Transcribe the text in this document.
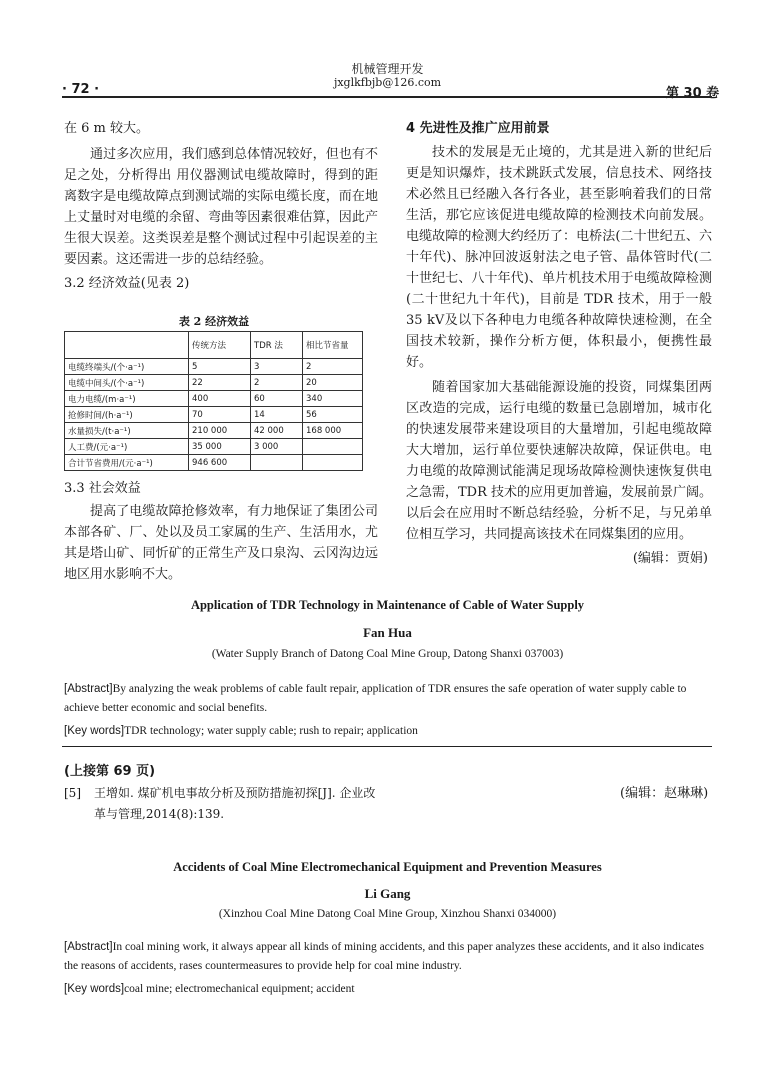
机械管理开发
jxglkfbjb@126.com
· 72 ·	第 30 卷

在 6 m 较大。

通过多次应用，我们感到总体情况较好，但也有不足之处，分析得出 用仪器测试电缆故障时，得到的距离数字是电缆故障点到测试端的实际电缆长度，而在地上丈量时对电缆的余留、弯曲等因素很难估算，因此产生很大误差。这类误差是整个测试过程中引起误差的主要因素。这还需进一步的总结经验。

3.2 经济效益(见表 2)

表 2 经济效益
	传统方法	TDR 法	相比节省量
电缆终端头/(个·a⁻¹)	5	3	2
电缆中间头/(个·a⁻¹)	22	2	20
电力电缆/(m·a⁻¹)	400	60	340
抢修时间/(h·a⁻¹)	70	14	56
水量损失/(t·a⁻¹)	210 000	42 000	168 000
人工费/(元·a⁻¹)	35 000	3 000	
合计节省费用/(元·a⁻¹)	946 600		

3.3 社会效益

提高了电缆故障抢修效率，有力地保证了集团公司本部各矿、厂、处以及员工家属的生产、生活用水，尤其是塔山矿、同忻矿的正常生产及口泉沟、云冈沟边远地区用水影响不大。

4 先进性及推广应用前景

技术的发展是无止境的，尤其是进入新的世纪后更是知识爆炸，技术跳跃式发展，信息技术、网络技术必然且已经融入各行各业，甚至影响着我们的日常生活，那它应该促进电缆故障的检测技术向前发展。电缆故障的检测大约经历了：电桥法(二十世纪五、六十年代)、脉冲回波返射法之电子管、晶体管时代(二十世纪七、八十年代)、单片机技术用于电缆故障检测(二十世纪九十年代)，目前是 TDR 技术，用于一般 35 kV及以下各种电力电缆各种故障快速检测，在全国技术较新，操作分析方便，体积最小，便携性最好。

随着国家加大基础能源设施的投资，同煤集团两区改造的完成，运行电缆的数量已急剧增加，城市化的快速发展带来建设项目的大量增加，引起电缆故障大大增加，运行单位要快速解决故障，保证供电。电力电缆的故障测试能满足现场故障检测快速恢复供电之急需，TDR 技术的应用更加普遍，发展前景广阔。以后会在应用时不断总结经验，分析不足，与兄弟单位相互学习，共同提高该技术在同煤集团的应用。

(编辑：贾娟)

Application of TDR Technology in Maintenance of Cable of Water Supply
Fan Hua
(Water Supply Branch of Datong Coal Mine Group, Datong Shanxi 037003)
[Abstract]By analyzing the weak problems of cable fault repair, application of TDR ensures the safe operation of water supply cable to achieve better economic and social benefits.
[Key words]TDR technology; water supply cable; rush to repair; application
(上接第 69 页)
[5] 王增如. 煤矿机电事故分析及预防措施初探[J]. 企业改
革与管理,2014(8):139.
(编辑：赵琳琳)
Accidents of Coal Mine Electromechanical Equipment and Prevention Measures
Li Gang
(Xinzhou Coal Mine Datong Coal Mine Group, Xinzhou Shanxi 034000)
[Abstract]In coal mining work, it always appear all kinds of mining accidents, and this paper analyzes these accidents, and it also indicates the reasons of accidents, rases countermeasures to provide help for coal mine industry.
[Key words]coal mine; electromechanical equipment; accident
